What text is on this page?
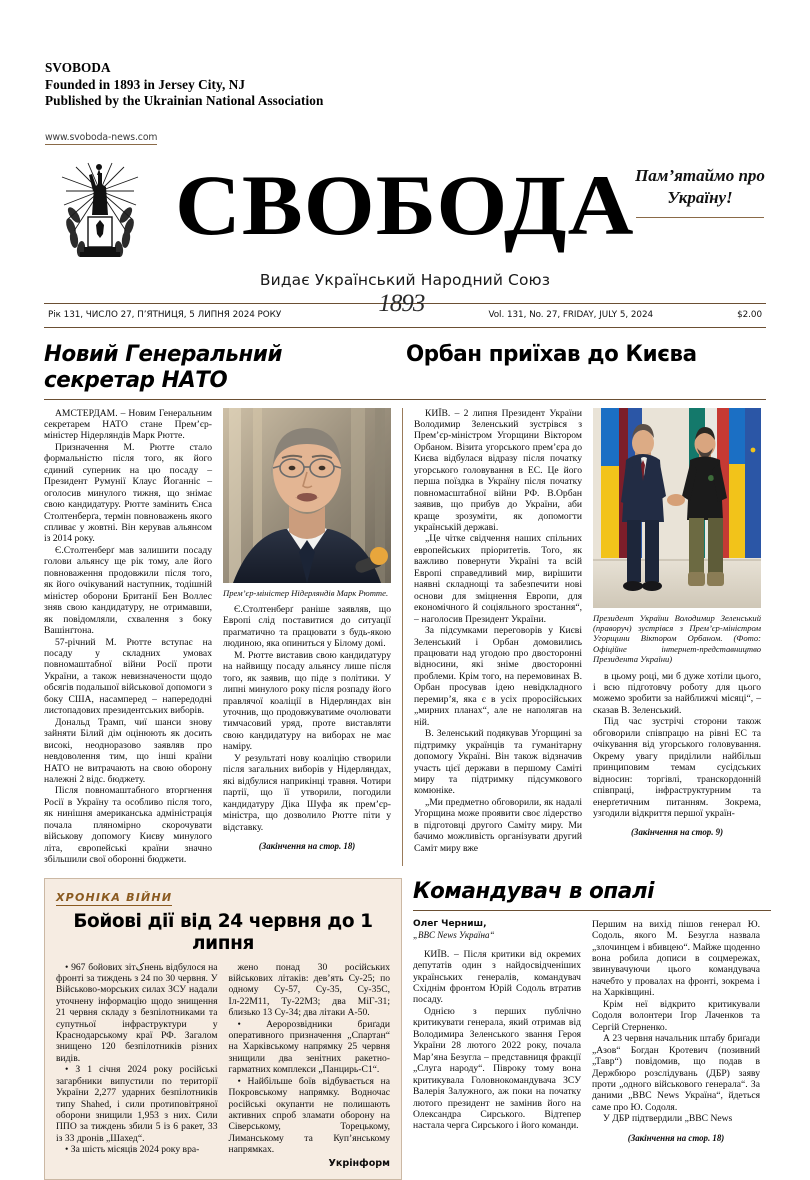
SVOBODA
Founded in 1893 in Jersey City, NJ
Published by the Ukrainian National Association
www.svoboda-news.com
СВОБОДА Пам’ятаймо про Україну!
Видає Український Народний Союз
Рік 131, ЧИСЛО 27, П’ЯТНИЦЯ, 5 ЛИПНЯ 2024 РОКУ	1893	Vol. 131, No. 27, FRIDAY, JULY 5, 2024	$2.00
Новий Генеральний секретар НАТО
Орбан приїхав до Києва

АМСТЕРДАМ. – Новим Генеральним секретарем НАТО стане Прем’єр-міністер Нідерляндів Марк Рютте.

Призначення М. Рютте стало формальністю після того, як його єдиний суперник на цю посаду – Президент Румунії Клаус Йоганніс – оголосив минулого тижня, що знімає свою кандидатуру. Рютте замінить Єнса Столтенберґа, термін повноважень якого спливає у жовтні. Він керував альянсом із 2014 року.

Є.Столтенберґ мав залишити посаду голови альянсу ще рік тому, але його повноваження продовжили після того, як його очікуваний наступник, тодішній міністер оборони Британії Бен Воллес зняв свою кандидатуру, не отримавши, як повідомляли, схвалення з боку Вашінґтона.

57-річний М. Рютте вступає на посаду у складних умовах повномаштабної війни Росії проти України, а також невизначености щодо обсягів подальшої військової допомоги з боку США, насамперед – напередодні листопадових президентських виборів.

Дональд Трамп, чиї шанси знову зайняти Білий дім оцінюють як досить високі, неодноразово заявляв про невдоволення тим, що інші країни НАТО не витрачають на свою оборону належні 2 відс. бюджету.

Після повномаштабного вторгнення Росії в Україну та особливо після того, як нинішня американська адміністрація почала пляномірно скорочувати військову допомогу Києву минулого літа, європейські країни значно збільшили свої оборонні бюджети.

Прем’єр-міністер Нідерляндів Марк Рютте.

Є.Столтенберґ раніше заявляв, що Европі слід поставитися до ситуації прагматично та працювати з будь-якою людиною, яка опиниться у Білому домі.

М. Рютте виставив свою кандидатуру на найвищу посаду альянсу лише після того, як заявив, що піде з політики. У липні минулого року після розпаду його правлячої коаліції в Нідерляндах він уточнив, що продовжуватиме очолювати тимчасовий уряд, проте виставляти свою кандидатуру на виборах не має наміру.

У результаті нову коаліцію створили після загальних виборів у Нідерляндах, які відбулися наприкінці травня. Чотири партії, що її утворили, погодили кандидатуру Діка Шуфа як прем’єр-міністра, що дозволило Рютте піти у відставку.

(Закінчення на стор. 18)

КИЇВ. – 2 липня Президент України Володимир Зеленський зустрівся з Прем’єр-міністром Угорщини Віктором Орбаном. Візита угорського прем’єра до Києва відбулася відразу після початку угорського головування в ЕС. Це його перша поїздка в Україну після початку повномасштабної війни РФ. В.Орбан заявив, що прибув до України, аби краще зрозуміти, як допомогти українській державі.

„Це чітке свідчення наших спільних европейських пріоритетів. Того, як важливо повернути Україні та всій Европі справедливий мир, вирішити наявні складнощі та забезпечити нові основи для зміцнення Европи, для економічного й соціяльного зростання“, – наголосив Президент України.

За підсумками переговорів у Києві Зеленський і Орбан домовились працювати над угодою про двосторонні відносини, які зніме двосторонні проблеми. Крім того, на перемовинах В. Орбан просував ідею невідкладного перемир’я, яка є в усіх проросійських „мирних планах“, але не наполягав на ній.

В. Зеленський подякував Угорщині за підтримку українців та гуманітарну допомогу Україні. Він також відзначив участь цієї держави в першому Саміті миру та підтримку підсумкового комюніке.

„Ми предметно обговорили, як надалі Угорщина може проявити своє лідерство в підготовці другого Саміту миру. Ми бачимо можливість організувати другий Саміт миру вже

Президент України Володимир Зеленський (праворуч) зустрівся з Прем’єр-міністром Угорщини Віктором Орбаном. (Фото: Офіційне інтернет-представництво Президента України)

в цьому році, ми б дуже хотіли цього, і всю підготовчу роботу для цього можемо зробити за найближчі місяці“, – сказав В. Зеленський.

Під час зустрічі сторони також обговорили співпрацю на рівні ЕС та очікування від угорського головування. Окрему увагу приділили найбільш принциповим темам сусідських відносин: торгівлі, транскордонній співпраці, інфраструктурним та енерґетичним питанням. Зокрема, узгодили відкриття першої україн-

(Закінчення на стор. 9)
ХРОНІКА ВІЙНИ
Бойові дії від 24 червня до 1 липня

• 967 бойових зітکнень відбулося на фронті за тиждень з 24 по 30 червня. У Військово-морських силах ЗСУ надали уточнену інформацію щодо знищення 21 червня складу з безпілотниками та супутньої інфраструктури у Краснодарському краї РФ. Загалом знищено 120 безпілотників різних видів.

• З 1 січня 2024 року російські загарбники випустили по території України 2,277 ударних безпілотників типу Shahed, і сили протиповітряної оборони знищили 1,953 з них. Сили ППО за тиждень збили 5 із 6 ракет, 33 із 33 дронів „Шахед“.

• За шість місяців 2024 року вра-

жено понад 30 російських військових літаків: дев’ять Су-25; по одному Су-57, Су-35, Су-35С, Іл-22М11, Ту-22М3; два МіГ-31; близько 13 Су-34; два літаки А-50.

• Аеророзвідники бриґади оперативного призначення „Спартан“ на Харківському напрямку 25 червня знищили два зенітних ракетно-гарматних комплекси „Панцирь-С1“.

• Найбільше боїв відбувається на Покровському напрямку. Водночас російські окупанти не полишають активних спроб зламати оборону на Сіверському, Торецькому, Лиманському та Куп’янському напрямках.

Укрінформ
Командувач в опалі
Олег Черниш,
„BBC News Україна“

КИЇВ. – Після критики від окремих депутатів один з найдосвідченіших українських генералів, командувач Східнім фронтом Юрій Содоль втратив посаду.

Однією з перших публічно критикувати генерала, який отримав від Володимира Зеленського звання Героя України 28 лютого 2022 року, почала Мар’яна Безугла – представниця фракції „Слуга народу“. Півроку тому вона критикувала Головнокомандувача ЗСУ Валерія Залужного, аж поки на початку лютого президент не замінив його на Олександра Сирського. Відтепер настала черга Сирського і його команди.

Першим на вихід пішов генерал Ю. Содоль, якого М. Безугла назвала „злочинцем і вбивцею“. Майже щоденно вона робила дописи в соцмережах, звинувачуючи цього командувача начебто у провалах на фронті, зокрема і на Харківщині.

Крім неї відкрито критикували Содоля волонтери Ігор Лаченков та Сергій Стерненко.

А 23 червня начальник штабу бриґади „Азов“ Богдан Кротевич (позивний „Тавр“) повідомив, що подав в Держбюро розслідувань (ДБР) заяву проти „одного військового генерала“. За даними „BBC News Україна“, йдеться саме про Ю. Содоля.

У ДБР підтвердили „BBC News

(Закінчення на стор. 18)
